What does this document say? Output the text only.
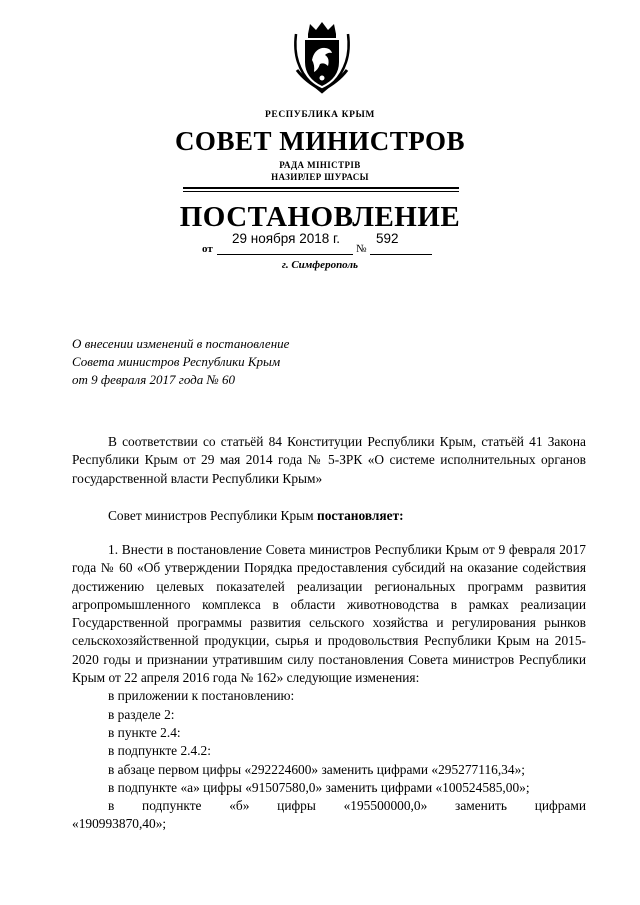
РЕСПУБЛИКА КРЫМ
СОВЕТ МИНИСТРОВ
РАДА МІНІСТРІВ
НАЗИРЛЕР ШУРАСЫ
ПОСТАНОВЛЕНИЕ
от
29 ноября 2018 г.
№
592
г. Симферополь
О внесении изменений в постановление
Совета министров Республики Крым
от 9 февраля 2017 года № 60
В соответствии со статьёй 84 Конституции Республики Крым, статьёй 41 Закона Республики Крым от 29 мая 2014 года № 5-ЗРК «О системе исполнительных органов государственной власти Республики Крым»
Совет министров Республики Крым постановляет:
1. Внести в постановление Совета министров Республики Крым от 9 февраля 2017 года № 60 «Об утверждении Порядка предоставления субсидий на оказание содействия достижению целевых показателей реализации региональных программ развития агропромышленного комплекса в области животноводства в рамках реализации Государственной программы развития сельского хозяйства и регулирования рынков сельскохозяйственной продукции, сырья и продовольствия Республики Крым на 2015-2020 годы и признании утратившим силу постановления Совета министров Республики Крым от 22 апреля 2016 года № 162» следующие изменения:
в приложении к постановлению:
в разделе 2:
в пункте 2.4:
в подпункте 2.4.2:
в абзаце первом цифры «292224600» заменить цифрами «295277116,34»;
в подпункте «а» цифры «91507580,0» заменить цифрами «100524585,00»;
в подпункте «б» цифры «195500000,0» заменить цифрами
«190993870,40»;
